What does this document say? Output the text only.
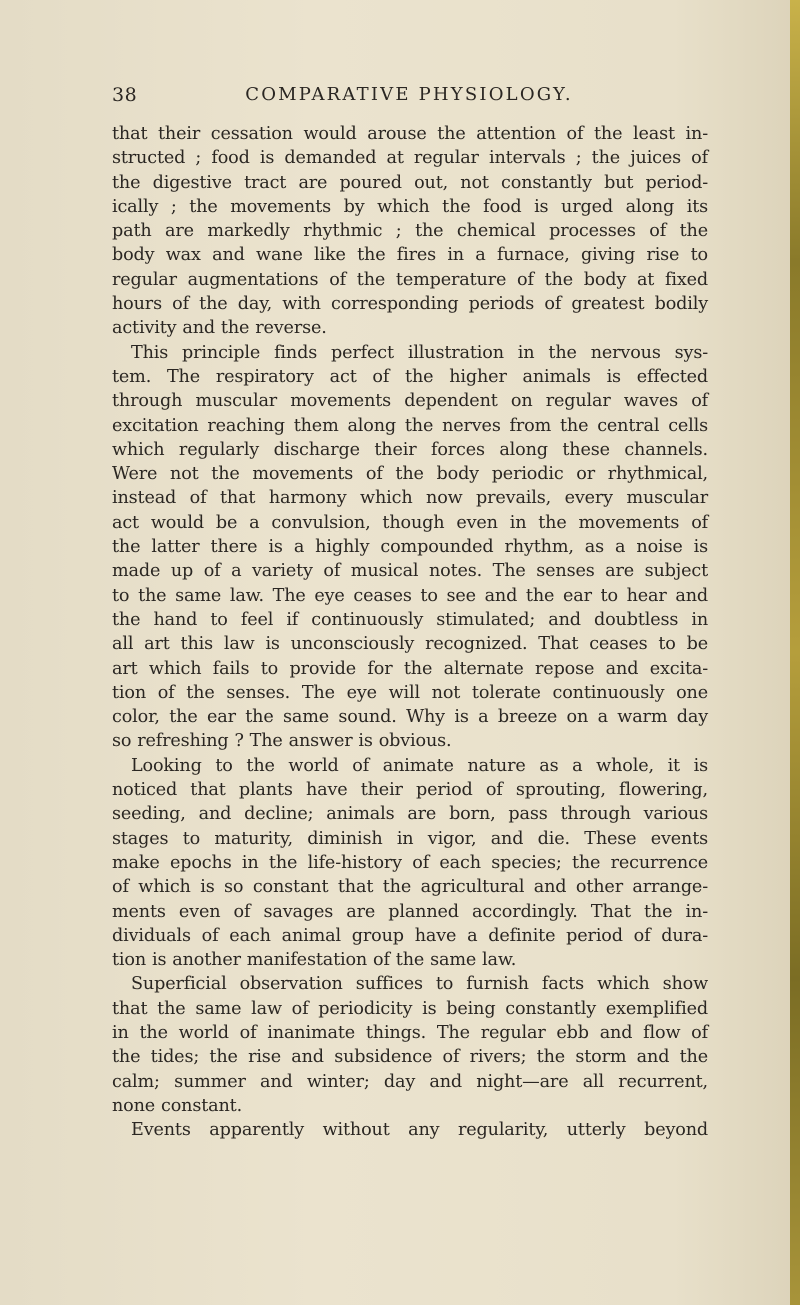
38	COMPARATIVE PHYSIOLOGY.
that their cessation would arouse the attention of the least in-
structed ; food is demanded at regular intervals ; the juices of
the digestive tract are poured out, not constantly but period-
ically ; the movements by which the food is urged along its
path are markedly rhythmic ; the chemical processes of the
body wax and wane like the fires in a furnace, giving rise to
regular augmentations of the temperature of the body at fixed
hours of the day, with corresponding periods of greatest bodily
activity and the reverse.
This principle finds perfect illustration in the nervous sys-
tem. The respiratory act of the higher animals is effected
through muscular movements dependent on regular waves of
excitation reaching them along the nerves from the central cells
which regularly discharge their forces along these channels.
Were not the movements of the body periodic or rhythmical,
instead of that harmony which now prevails, every muscular
act would be a convulsion, though even in the movements of
the latter there is a highly compounded rhythm, as a noise is
made up of a variety of musical notes. The senses are subject
to the same law. The eye ceases to see and the ear to hear and
the hand to feel if continuously stimulated; and doubtless in
all art this law is unconsciously recognized. That ceases to be
art which fails to provide for the alternate repose and excita-
tion of the senses. The eye will not tolerate continuously one
color, the ear the same sound. Why is a breeze on a warm day
so refreshing ? The answer is obvious.
Looking to the world of animate nature as a whole, it is
noticed that plants have their period of sprouting, flowering,
seeding, and decline; animals are born, pass through various
stages to maturity, diminish in vigor, and die. These events
make epochs in the life-history of each species; the recurrence
of which is so constant that the agricultural and other arrange-
ments even of savages are planned accordingly. That the in-
dividuals of each animal group have a definite period of dura-
tion is another manifestation of the same law.
Superficial observation suffices to furnish facts which show
that the same law of periodicity is being constantly exemplified
in the world of inanimate things. The regular ebb and flow of
the tides; the rise and subsidence of rivers; the storm and the
calm; summer and winter; day and night—are all recurrent,
none constant.
Events apparently without any regularity, utterly beyond
